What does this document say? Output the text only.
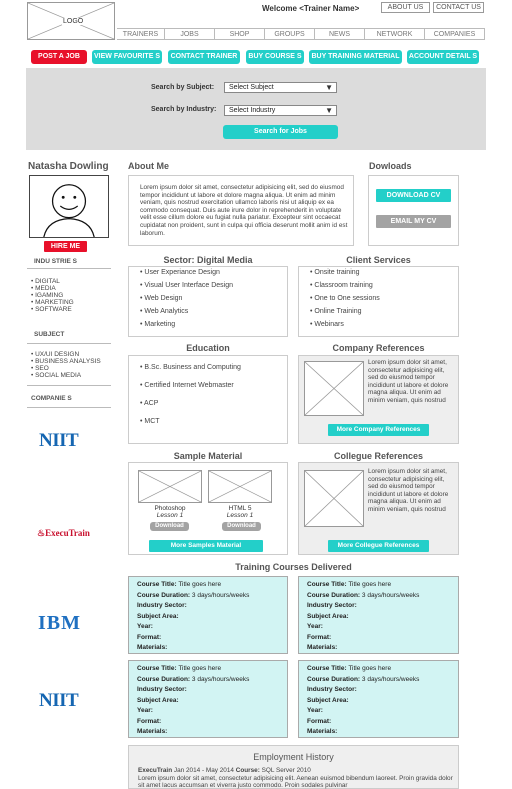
LOGO
Welcome <Trainer Name>	ABOUT US	CONTACT US
TRAINERS	JOBS	SHOP	GROUPS	NEWS	NETWORK	COMPANIES
POST A JOB	VIEW FAVOURITE S	CONTACT TRAINER	BUY COURSE S	BUY TRAINING MATERIAL	ACCOUNT DETAIL S
Search by Subject: Select Subject	▼
Search by Industry: Select Industry	▼
Search for Jobs
Natasha Dowling
HIRE ME
INDU STRIE S
• DIGITAL
• MEDIA
• IGAMING
• MARKETING
• SOFTWARE
SUBJECT
• UX/UI DESIGN
• BUSINESS ANALYSIS
• SEO
• SOCIAL MEDIA
COMPANIE S
NIIT
♨ExecuTrain
IBM
NIIT
About Me
Lorem ipsum dolor sit amet, consectetur adipisicing elit, sed do eiusmod tempor incididunt ut labore et dolore magna aliqua. Ut enim ad minim veniam, quis nostrud exercitation ullamco laboris nisi ut aliquip ex ea commodo consequat. Duis aute irure dolor in reprehenderit in voluptate velit esse cillum dolore eu fugiat nulla pariatur. Excepteur sint occaecat cupidatat non proident, sunt in culpa qui officia deserunt mollit anim id est laborum.
Dowloads
DOWNLOAD CV
EMAIL MY CV
Sector: Digital Media
• User Experiance Design
• Visual User Interface Design
• Web Design
• Web Analytics
• Marketing
Client Services
• Onsite training
• Classroom training
• One to One sessions
• Online Training
• Webinars
Education
• B.Sc. Business and Computing
• Certified Internet Webmaster
• ACP
• MCT
Company References
Lorem ipsum dolor sit amet, consectetur adipisicing elit, sed do eiusmod tempor incididunt ut labore et dolore magna aliqua. Ut enim ad minim veniam, quis nostrud
More Company References
Sample Material
Photoshop
Lesson 1
Download
HTML 5
Lesson 1
Download
More Samples Material
Collegue References
Lorem ipsum dolor sit amet, consectetur adipisicing elit, sed do eiusmod tempor incididunt ut labore et dolore magna aliqua. Ut enim ad minim veniam, quis nostrud
More Collegue References
Training Courses Delivered
Course Title: Title goes here
Course Duration: 3 days/hours/weeks
Industry Sector:
Subject Area:
Year:
Format:
Materials:
Course Title: Title goes here
Course Duration: 3 days/hours/weeks
Industry Sector:
Subject Area:
Year:
Format:
Materials:
Course Title: Title goes here
Course Duration: 3 days/hours/weeks
Industry Sector:
Subject Area:
Year:
Format:
Materials:
Course Title: Title goes here
Course Duration: 3 days/hours/weeks
Industry Sector:
Subject Area:
Year:
Format:
Materials:
Employment History
ExecuTrain Jan 2014 - May 2014 Course: SQL Server 2010
Lorem ipsum dolor sit amet, consectetur adipisicing elit. Aenean euismod bibendum laoreet. Proin gravida dolor sit amet lacus accumsan et viverra justo commodo. Proin sodales pulvinar
